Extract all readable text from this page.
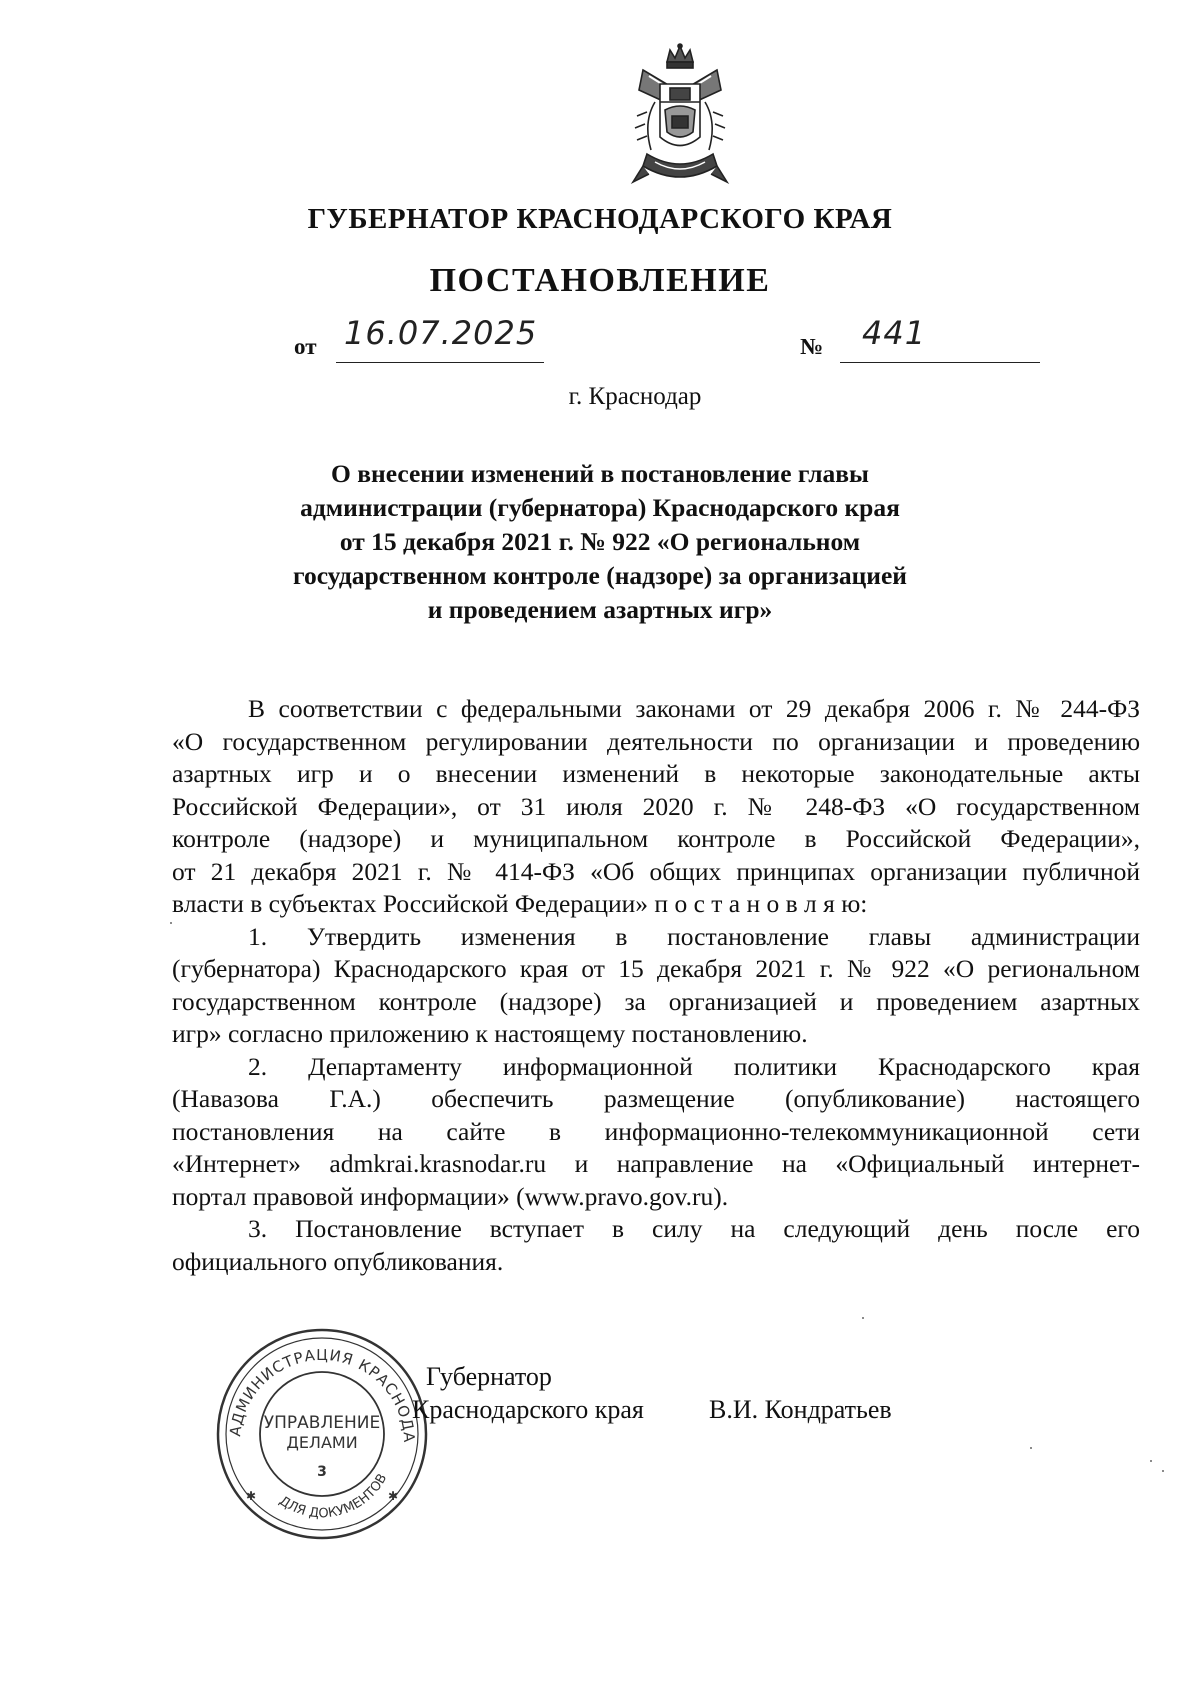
ГУБЕРНАТОР КРАСНОДАРСКОГО КРАЯ
ПОСТАНОВЛЕНИЕ
от 16.07.2025	№ 441
г. Краснодар
О внесении изменений в постановление главы
администрации (губернатора) Краснодарского края
от 15 декабря 2021 г. № 922 «О региональном
государственном контроле (надзоре) за организацией
и проведением азартных игр»
В соответствии с федеральными законами от 29 декабря 2006 г. № 244-ФЗ
«О государственном регулировании деятельности по организации и проведению
азартных игр и о внесении изменений в некоторые законодательные акты
Российской Федерации», от 31 июля 2020 г. № 248-ФЗ «О государственном
контроле (надзоре) и муниципальном контроле в Российской Федерации»,
от 21 декабря 2021 г. № 414-ФЗ «Об общих принципах организации публичной
власти в субъектах Российской Федерации» п о с т а н о в л я ю:
1. Утвердить изменения в постановление главы администрации
(губернатора) Краснодарского края от 15 декабря 2021 г. № 922 «О региональном
государственном контроле (надзоре) за организацией и проведением азартных
игр» согласно приложению к настоящему постановлению.
2. Департаменту информационной политики Краснодарского края
(Навазова Г.А.) обеспечить размещение (опубликование) настоящего
постановления на сайте в информационно-телекоммуникационной сети
«Интернет» admkrai.krasnodar.ru и направление на «Официальный интернет-
портал правовой информации» (www.pravo.gov.ru).
3. Постановление вступает в силу на следующий день после его
официального опубликования.
АДМИНИСТРАЦИЯ КРАСНОДА
ДЛЯ ДОКУМЕНТОВ
УПРАВЛЕНИЕ
ДЕЛАМИ
3
✱	✱
Губернатор
Краснодарского края	В.И. Кондратьев
